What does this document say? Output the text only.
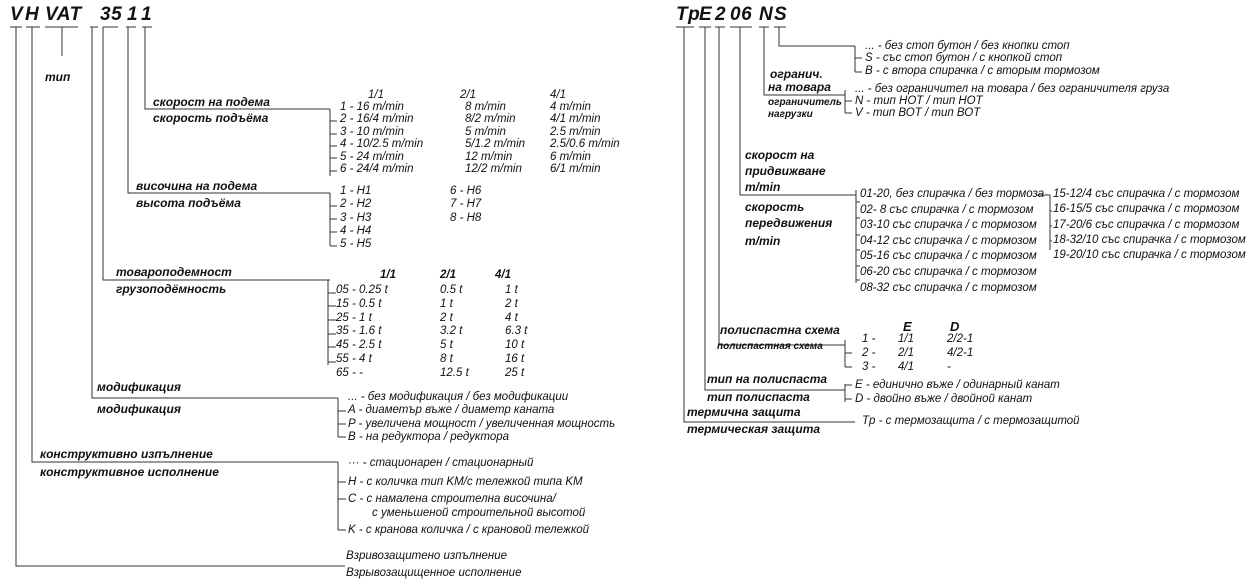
V H VAT 35 1 1
тип
скорост на подема
скорость подъёма
1/1	2/1	4/1
1 - 16 m/min	8 m/min	4 m/min
2 - 16/4 m/min	8/2 m/min	4/1 m/min
3 - 10 m/min	5 m/min	2.5 m/min
4 - 10/2.5 m/min	5/1.2 m/min 2.5/0.6 m/min
5 - 24 m/min	12 m/min	6 m/min
6 - 24/4 m/min	12/2 m/min 6/1 m/min
височина на подема
высота подъёма
1 - H1
2 - H2
3 - H3
4 - H4
5 - H5
6 - H6
7 - H7
8 - H8
товароподемност
грузоподёмность
1/1	2/1	4/1
05 - 0.25 t	0.5 t	1 t
15 - 0.5 t	1 t	2 t
25 - 1 t	2 t	4 t
35 - 1.6 t	3.2 t	6.3 t
45 - 2.5 t	5 t	10 t
55 - 4 t	8 t	16 t
65 - -	12.5 t	25 t
модификация
модификация
... - без модификация / без модификации
A - диаметър въже / диаметр каната
P - увеличена мощност / увеличенная мощность
B - на редуктора / редуктора
конструктивно изпълнение
конструктивное исполнение
··· - стационарен / стационарный
H - с количка тип KM/с тележкой типа KM
C - с намалена строителна височина/
с уменьшеной строительной высотой
K - с кранова количка / с крановой тележкой
Взривозащитено изпълнение
Взрывозащищенное исполнение
Tp
E 2 06 N S
... - без стоп бутон / без кнопки стоп
S - със стоп бутон / с кнопкой стоп
B - с втора спирачка / с вторым тормозом
огранич.
на товара
ограничитель
нагрузки
... - без ограничител на товара / без ограничителя груза
N - тип НОТ / тип НОТ
V - тип ВОТ / тип ВОТ
скорост на
придвижване
m/min
скорость
передвижения
m/min
01-20, без спирачка / без тормоза
02- 8 със спирачка / с тормозом
03-10 със спирачка / с тормозом
04-12 със спирачка / с тормозом
05-16 със спирачка / с тормозом
06-20 със спирачка / с тормозом
08-32 със спирачка / с тормозом
15-12/4 със спирачка / с тормозом
16-15/5 със спирачка / с тормозом
17-20/6 със спирачка / с тормозом
18-32/10 със спирачка / с тормозом
19-20/10 със спирачка / с тормозом
полиспастна схема
полиспастная схема
E	D
1 - 1/1	2/2-1
2 - 2/1	4/2-1
3 - 4/1	-
тип на полиспаста
тип полиспаста
E - единично въже / одинарный канат
D - двойно въже / двойной канат
термична защита
термическая защита
Tp - с термозащита / с термозащитой
